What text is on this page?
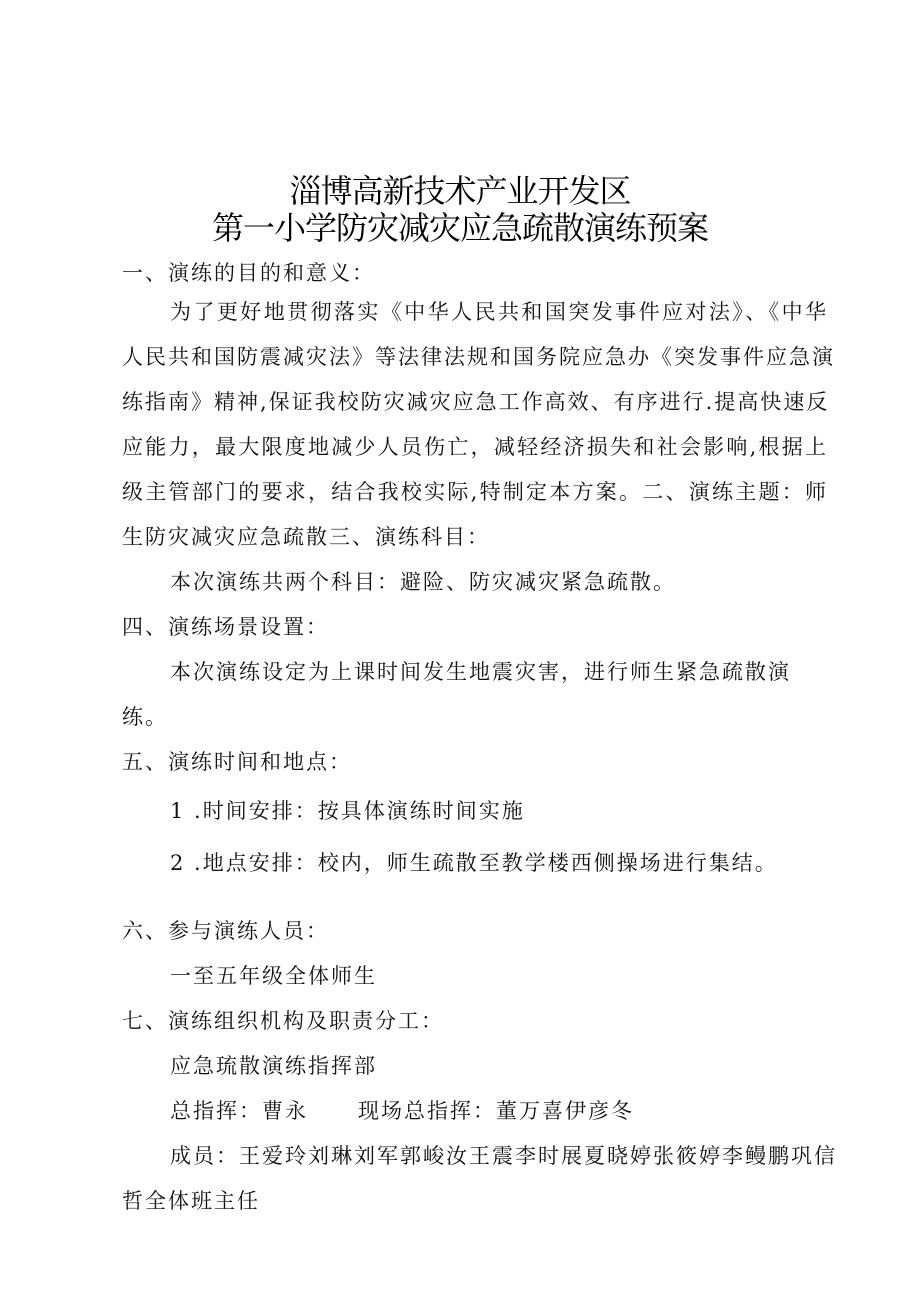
淄博高新技术产业开发区
第一小学防灾减灾应急疏散演练预案
一、演练的目的和意义：
为了更好地贯彻落实《中华人民共和国突发事件应对法》、《中华
人民共和国防震减灾法》等法律法规和国务院应急办《突发事件应急演
练指南》精神,保证我校防灾减灾应急工作高效、有序进行.提高快速反
应能力，最大限度地减少人员伤亡，减轻经济损失和社会影响,根据上
级主管部门的要求，结合我校实际,特制定本方案。二、演练主题：师
生防灾减灾应急疏散三、演练科目：
本次演练共两个科目：避险、防灾减灾紧急疏散。
四、演练场景设置：
本次演练设定为上课时间发生地震灾害，进行师生紧急疏散演
练。
五、演练时间和地点：
1 .时间安排：按具体演练时间实施
2 .地点安排：校内，师生疏散至教学楼西侧操场进行集结。
六、参与演练人员：
一至五年级全体师生
七、演练组织机构及职责分工：
应急琉散演练指挥部
总指挥：曹永 现场总指挥：董万喜伊彦冬
成员：王爱玲刘琳刘军郭峻汝王震李时展夏晓婷张筱婷李鳗鹏巩信
哲全体班主任
